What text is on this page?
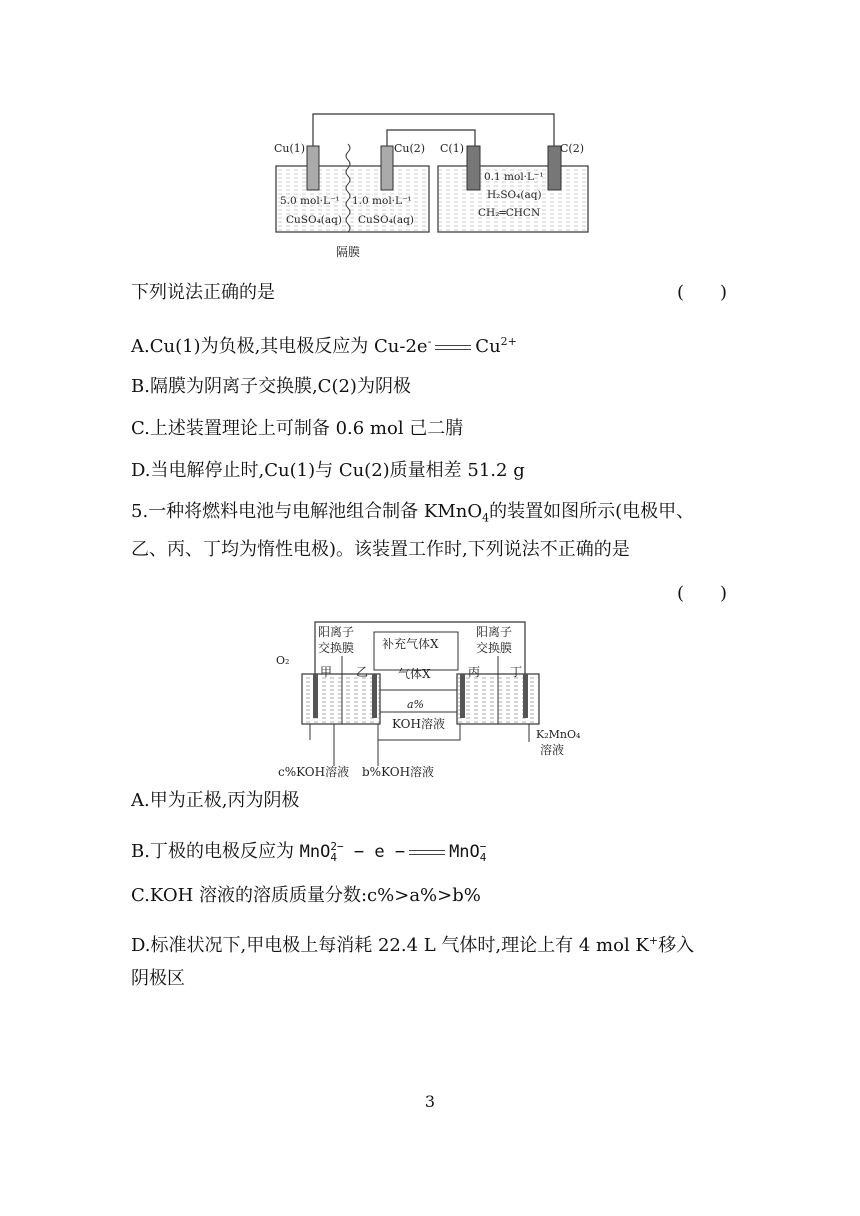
Cu(1)	Cu(2) C(1)	C(2)
5.0 mol·L⁻¹
CuSO₄(aq)
1.0 mol·L⁻¹
CuSO₄(aq)
0.1 mol·L⁻¹
H₂SO₄(aq)
CH₂═CHCN
隔膜
下列说法正确的是	(　　)
A.Cu(1)为负极,其电极反应为 Cu-2e- $Cu^{2+}$
B.隔膜为阴离子交换膜,C(2)为阴极
C.上述装置理论上可制备 0.6 mol 己二腈
D.当电解停止时,Cu(1)与 Cu(2)质量相差 51.2 g
5.一种将燃料电池与电解池组合制备 KMnO$_4$的装置如图所示(电极甲、
乙、丙、丁均为惰性电极)。该装置工作时,下列说法不正确的是
(　　)
阳离子
交换膜
阳离子
交换膜
补充气体X
气体X
O₂
甲 乙	丙 丁
a%
KOH溶液
K₂MnO₄
溶液
c%KOH溶液 b%KOH溶液
A.甲为正极,丙为阴极
B.丁极的电极反应为 MnO 2−
4 − e −	MnO −
4
C.KOH 溶液的溶质质量分数:c%>a%>b%
D.标准状况下,甲电极上每消耗 22.4 L 气体时,理论上有 4 mol K+移入
阴极区
3
